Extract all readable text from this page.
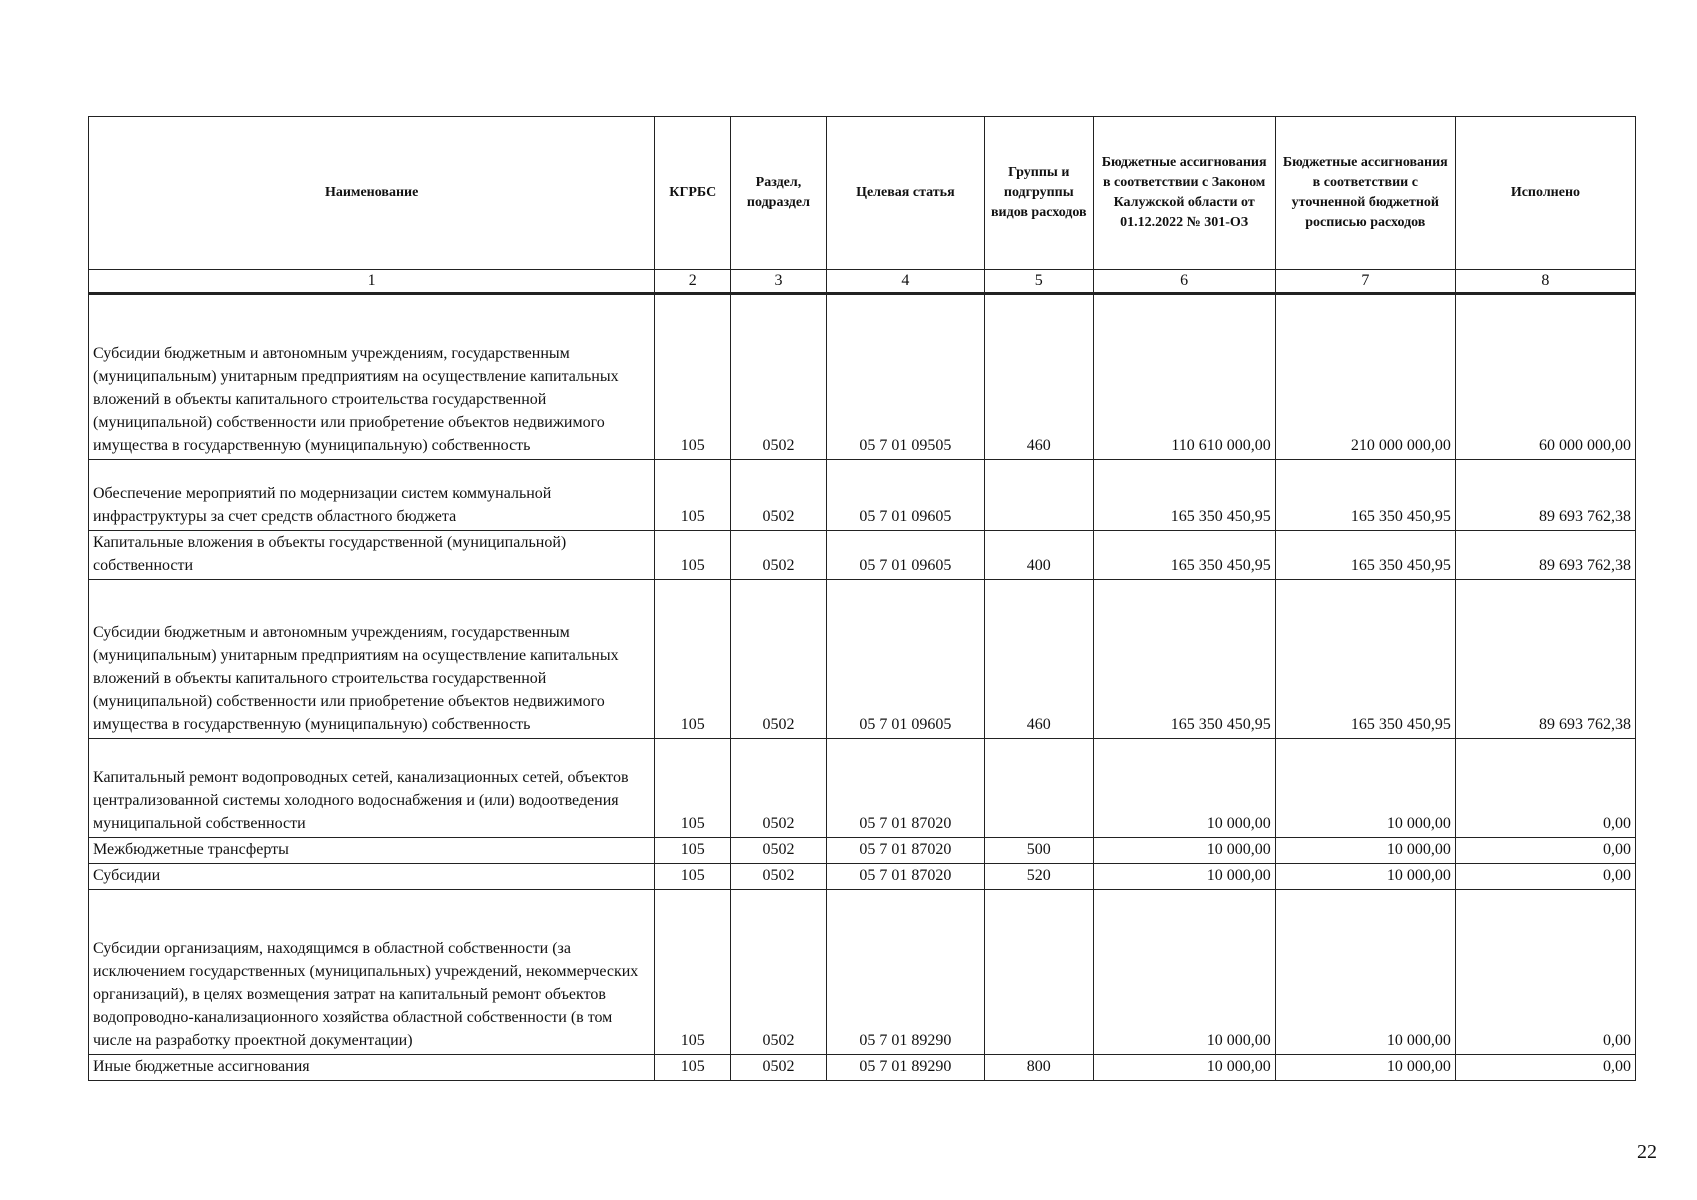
Наименование	КГРБС	Раздел, подраздел	Целевая статья	Группы и подгруппы видов расходов	Бюджетные ассигнования в соответствии с Законом Калужской области от 01.12.2022 № 301-ОЗ	Бюджетные ассигнования в соответствии с уточненной бюджетной росписью расходов	Исполнено
1	2	3	4	5	6	7	8
Субсидии бюджетным и автономным учреждениям, государственным (муниципальным) унитарным предприятиям на осуществление капитальных вложений в объекты капитального строительства государственной (муниципальной) собственности или приобретение объектов недвижимого имущества в государственную (муниципальную) собственность	105	0502	05 7 01 09505	460	110 610 000,00	210 000 000,00	60 000 000,00
Обеспечение мероприятий по модернизации систем коммунальной инфраструктуры за счет средств областного бюджета	105	0502	05 7 01 09605		165 350 450,95	165 350 450,95	89 693 762,38
Капитальные вложения в объекты государственной (муниципальной) собственности	105	0502	05 7 01 09605	400	165 350 450,95	165 350 450,95	89 693 762,38
Субсидии бюджетным и автономным учреждениям, государственным (муниципальным) унитарным предприятиям на осуществление капитальных вложений в объекты капитального строительства государственной (муниципальной) собственности или приобретение объектов недвижимого имущества в государственную (муниципальную) собственность	105	0502	05 7 01 09605	460	165 350 450,95	165 350 450,95	89 693 762,38
Капитальный ремонт водопроводных сетей, канализационных сетей, объектов централизованной системы холодного водоснабжения и (или) водоотведения муниципальной собственности	105	0502	05 7 01 87020		10 000,00	10 000,00	0,00
Межбюджетные трансферты	105	0502	05 7 01 87020	500	10 000,00	10 000,00	0,00
Субсидии	105	0502	05 7 01 87020	520	10 000,00	10 000,00	0,00
Субсидии организациям, находящимся в областной собственности (за исключением государственных (муниципальных) учреждений, некоммерческих организаций), в целях возмещения затрат на капитальный ремонт объектов водопроводно-канализационного хозяйства областной собственности (в том числе на разработку проектной документации)	105	0502	05 7 01 89290		10 000,00	10 000,00	0,00
Иные бюджетные ассигнования	105	0502	05 7 01 89290	800	10 000,00	10 000,00	0,00
22
